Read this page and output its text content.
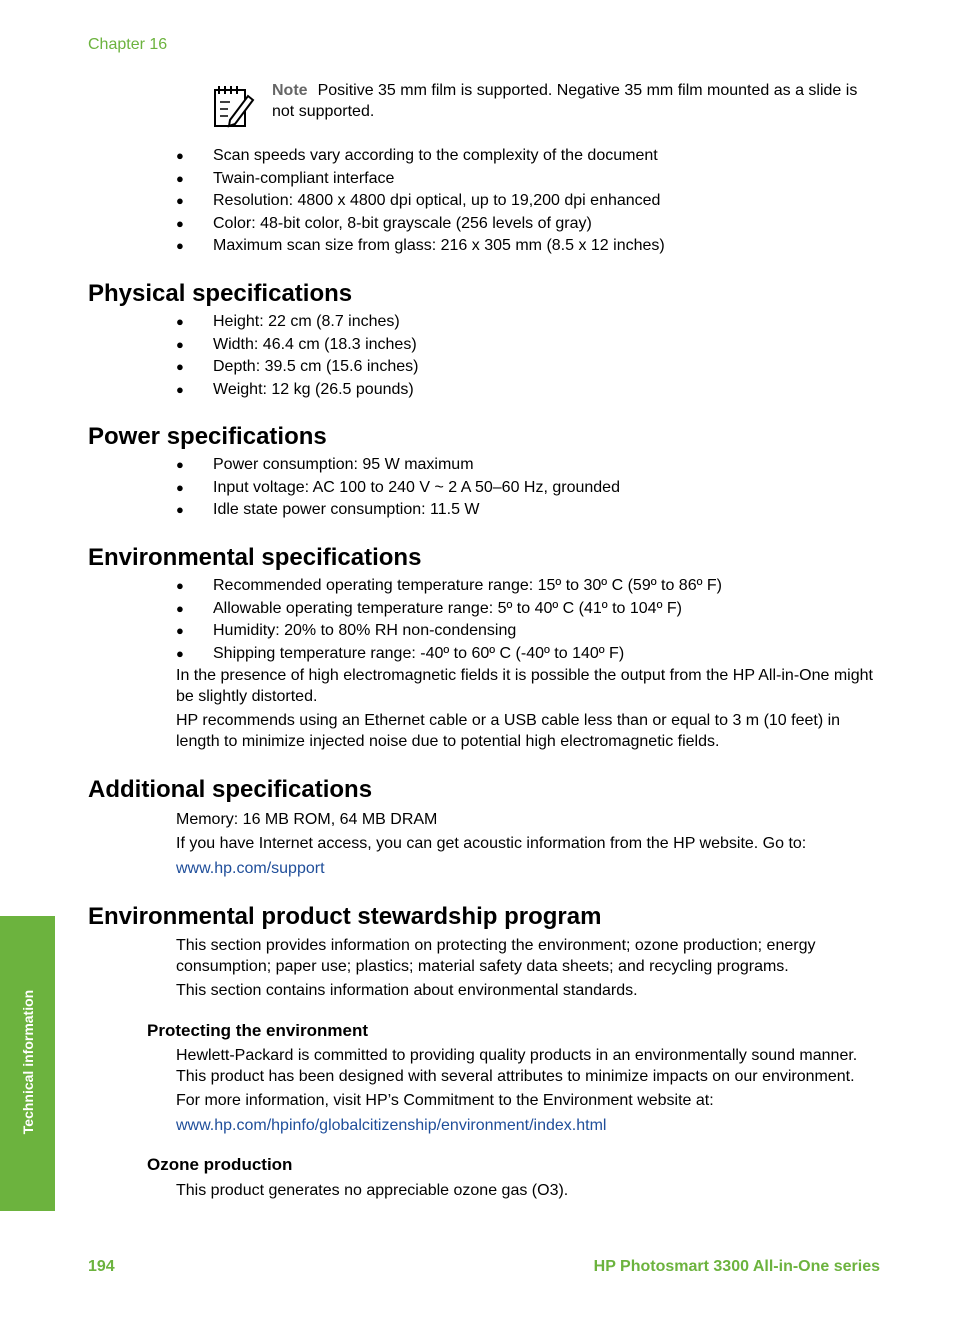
Chapter 16
Note Positive 35 mm film is supported. Negative 35 mm film mounted as a slide is not supported.
● Scan speeds vary according to the complexity of the document
● Twain-compliant interface
● Resolution: 4800 x 4800 dpi optical, up to 19,200 dpi enhanced
● Color: 48-bit color, 8-bit grayscale (256 levels of gray)
● Maximum scan size from glass: 216 x 305 mm (8.5 x 12 inches)
Physical specifications
● Height: 22 cm (8.7 inches)
● Width: 46.4 cm (18.3 inches)
● Depth: 39.5 cm (15.6 inches)
● Weight: 12 kg (26.5 pounds)
Power specifications
● Power consumption: 95 W maximum
● Input voltage: AC 100 to 240 V ~ 2 A 50–60 Hz, grounded
● Idle state power consumption: 11.5 W
Environmental specifications
● Recommended operating temperature range: 15º to 30º C (59º to 86º F)
● Allowable operating temperature range: 5º to 40º C (41º to 104º F)
● Humidity: 20% to 80% RH non-condensing
● Shipping temperature range: -40º to 60º C (-40º to 140º F)

In the presence of high electromagnetic fields it is possible the output from the HP All-in-One might be slightly distorted.

HP recommends using an Ethernet cable or a USB cable less than or equal to 3 m (10 feet) in length to minimize injected noise due to potential high electromagnetic fields.

Additional specifications

Memory: 16 MB ROM, 64 MB DRAM

If you have Internet access, you can get acoustic information from the HP website. Go to:

www.hp.com/support

Environmental product stewardship program

This section provides information on protecting the environment; ozone production; energy consumption; paper use; plastics; material safety data sheets; and recycling programs.

This section contains information about environmental standards.

Protecting the environment

Hewlett-Packard is committed to providing quality products in an environmentally sound manner. This product has been designed with several attributes to minimize impacts on our environment.

For more information, visit HP’s Commitment to the Environment website at:

www.hp.com/hpinfo/globalcitizenship/environment/index.html

Ozone production

This product generates no appreciable ozone gas (O3).

Technical information
194	HP Photosmart 3300 All-in-One series
